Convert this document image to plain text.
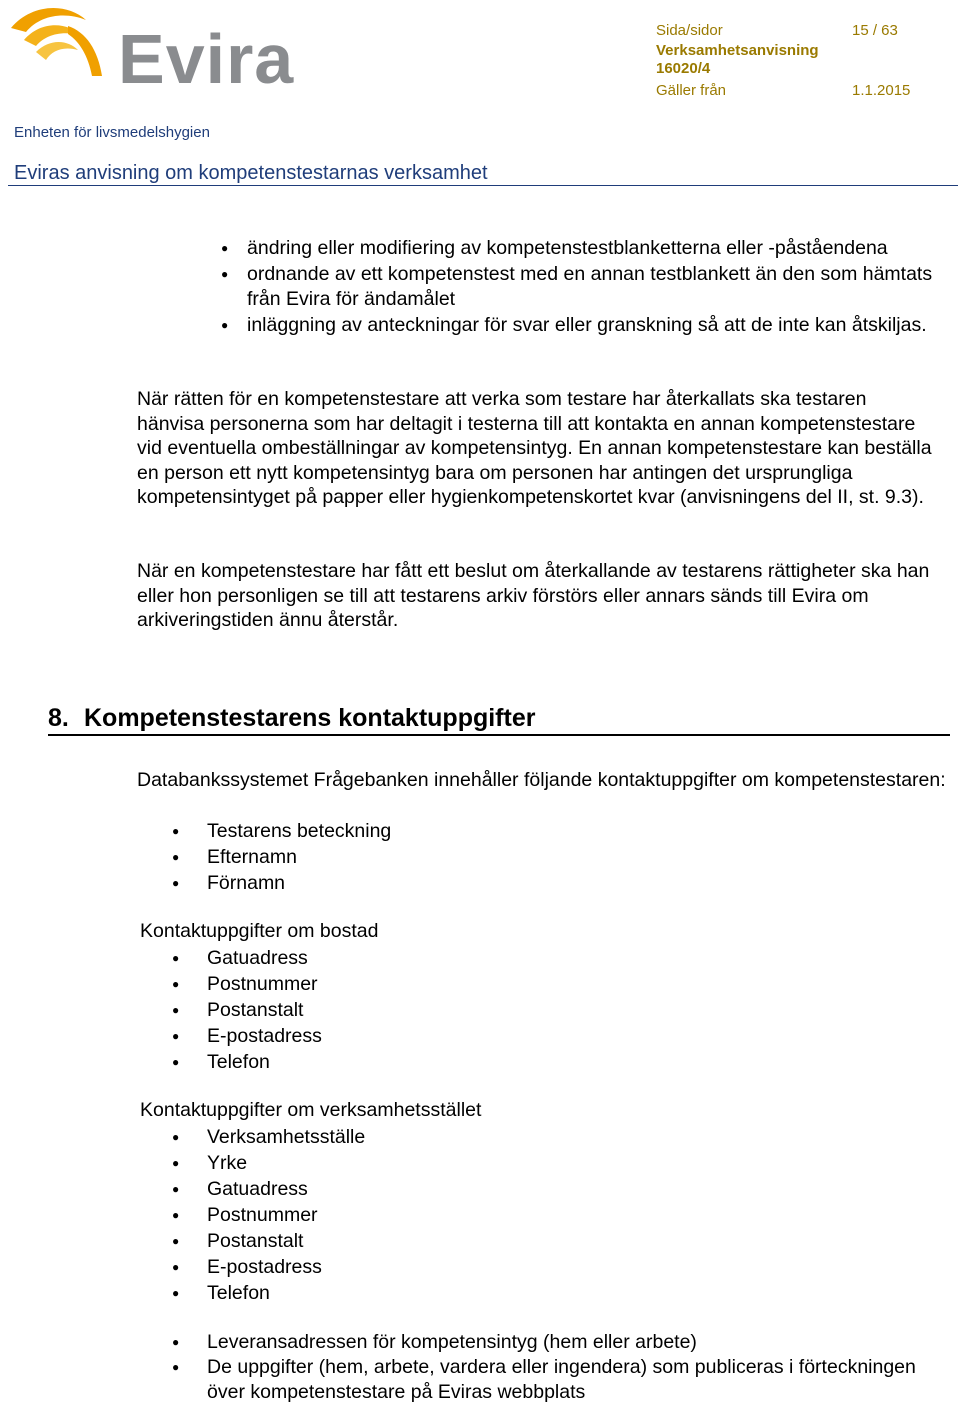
Evira	Sida/sidor	15 / 63
Verksamhetsanvisning
16020/4
Gäller från	1.1.2015
Enheten för livsmedelshygien
Eviras anvisning om kompetenstestarnas verksamhet
● ändring eller modifiering av kompetenstestblanketterna eller -påståendena
● ordnande av ett kompetenstest med en annan testblankett än den som hämtats från Evira för ändamålet
● inläggning av anteckningar för svar eller granskning så att de inte kan åtskiljas.

När rätten för en kompetenstestare att verka som testare har återkallats ska testaren hänvisa personerna som har deltagit i testerna till att kontakta en annan kompetenstestare vid eventuella ombeställningar av kompetensintyg. En annan kompetenstestare kan beställa en person ett nytt kompetensintyg bara om personen har antingen det ursprungliga kompetensintyget på papper eller hygienkompetenskortet kvar (anvisningens del II, st. 9.3).

När en kompetenstestare har fått ett beslut om återkallande av testarens rättigheter ska han eller hon personligen se till att testarens arkiv förstörs eller annars sänds till Evira om arkiveringstiden ännu återstår.

8. Kompetenstestarens kontaktuppgifter

Databankssystemet Frågebanken innehåller följande kontaktuppgifter om kompetenstestaren:

● Testarens beteckning
● Efternamn
● Förnamn
Kontaktuppgifter om bostad
● Gatuadress
● Postnummer
● Postanstalt
● E-postadress
● Telefon
Kontaktuppgifter om verksamhetsstället
● Verksamhetsställe
● Yrke
● Gatuadress
● Postnummer
● Postanstalt
● E-postadress
● Telefon
● Leveransadressen för kompetensintyg (hem eller arbete)
● De uppgifter (hem, arbete, vardera eller ingendera) som publiceras i förteckningen över kompetenstestare på Eviras webbplats
